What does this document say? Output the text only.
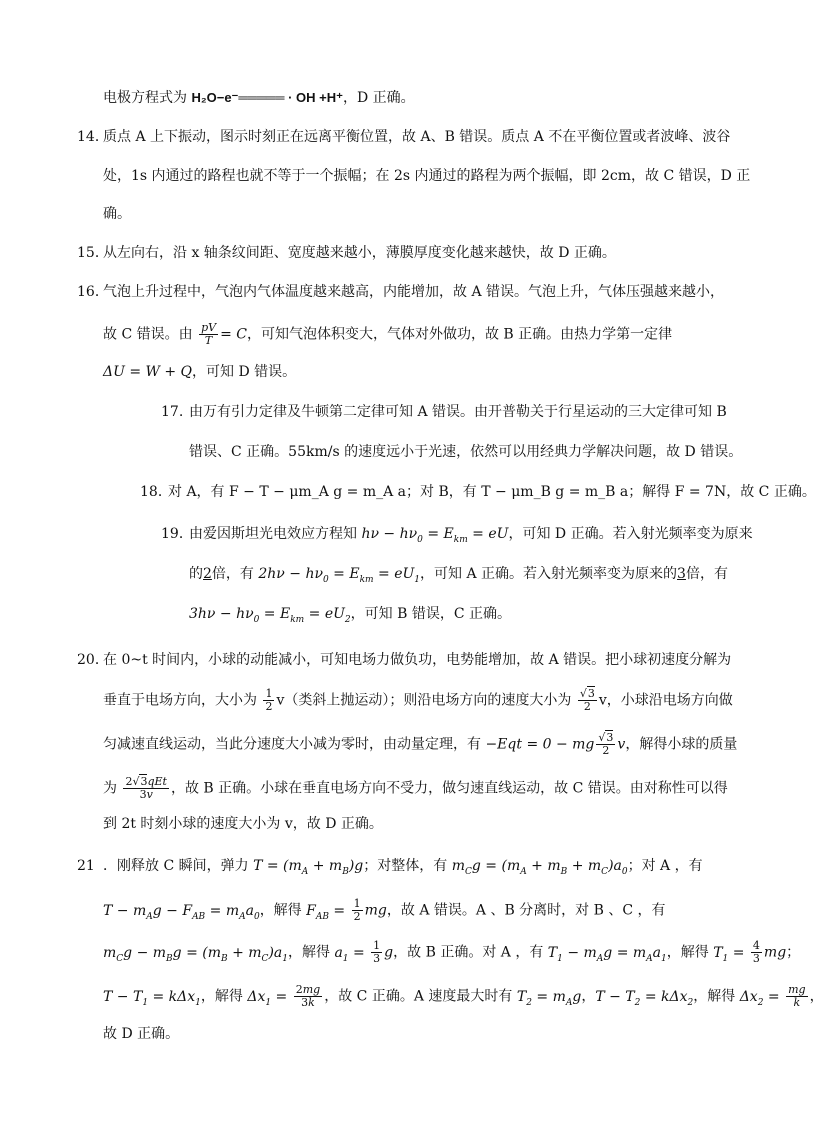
电极方程式为 H₂O−e⁻═════ · OH +H⁺，D 正确。
14．
质点 A 上下振动，图示时刻正在远离平衡位置，故 A、B 错误。质点 A 不在平衡位置或者波峰、波谷
处，1s 内通过的路程也就不等于一个振幅；在 2s 内通过的路程为两个振幅，即 2cm，故 C 错误，D 正
确。
15．
从左向右，沿 x 轴条纹间距、宽度越来越小，薄膜厚度变化越来越快，故 D 正确。
16．
气泡上升过程中，气泡内气体温度越来越高，内能增加，故 A 错误。气泡上升，气体压强越来越小，
故 C 错误。由 $\frac{pV}{T} = C$，可知气泡体积变大，气体对外做功，故 B 正确。由热力学第一定律
ΔU = W + Q，可知 D 错误。
17. 由万有引力定律及牛顿第二定律可知 A 错误。由开普勒关于行星运动的三大定律可知 B
错误、C 正确。55km/s 的速度远小于光速，依然可以用经典力学解决问题，故 D 错误。
18．
对 A，有 F − T − μm_A g = m_A a；对 B，有 T − μm_B g = m_B a；解得 F = 7N，故 C 正确。
19．
由爱因斯坦光电效应方程知 $h\nu - h\nu_0 = E_{km}$ = eU，可知 D 正确。若入射光频率变为原来
的2倍，有 $2h\nu - h\nu_0 = E_{km} = eU_1$，可知 A 正确。若入射光频率变为原来的3倍，有
$3h\nu - h\nu_0 = E_{km} = eU_2$，可知 B 错误，C 正确。
20．
在 0~t 时间内，小球的动能减小，可知电场力做负功，电势能增加，故 A 错误。把小球初速度分解为
垂直于电场方向，大小为 $\frac{1}{2} v$（类斜上抛运动）；则沿电场方向的速度大小为 $\frac{√3}{2}$ v，小球沿电场方向做
匀减速直线运动，当此分速度大小减为零时，由动量定理，有 −Eqt = 0 − mg $\frac{√3}{2}$ v，解得小球的质量
为 $\frac{\text{2√3qEt}}{3v}$ ，故 B 正确。小球在垂直电场方向不受力，做匀速直线运动，故 C 错误。由对称性可以得
到 2t 时刻小球的速度大小为 v，故 D 正确。
21 ．刚释放 C 瞬间，弹力 $T = (m_A + m_B)g$；对整体，有 $m_Cg = (m_A + m_B + m_C)a_0$；对 A ，有
$T - m_Ag - F_{AB} = m_Aa_0$，解得 $F_{AB} = \frac{1}{2}$ mg，故 A 错误。A 、B 分离时，对 B 、C ，有
$m_Cg - m_Bg = (m_B + m_C)a_1$，解得 $a_1 = \frac{1}{3}$ g，故 B 正确。对 A ，有 $T_1 - m_Ag = m_Aa_1$，解得 $T_1 = \frac{4}{3}$ mg；
$T - T_1 = k\Delta x_1$，解得 $\Delta x_1 = \frac{2mg}{3k}$ ，故 C 正确。A 速度最大时有 $T_2 = m_Ag$，$T - T_2 = k\Delta x_2$，解得 $\Delta x_2 = \frac{mg}{k}$ ，
故 D 正确。
